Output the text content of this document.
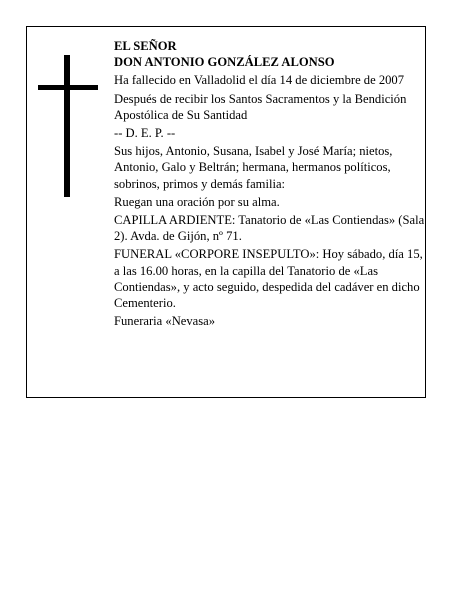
EL SEÑOR

DON ANTONIO GONZÁLEZ ALONSO

Ha fallecido en Valladolid el día 14 de diciembre de 2007

Después de recibir los Santos Sacramentos y la Bendición Apostólica de Su Santidad

-- D. E. P. --

Sus hijos, Antonio, Susana, Isabel y José María; nietos, Antonio, Galo y Beltrán; hermana, hermanos políticos, sobrinos, primos y demás familia:

Ruegan una oración por su alma.

CAPILLA ARDIENTE: Tanatorio de «Las Contiendas» (Sala 2). Avda. de Gijón, nº 71.

FUNERAL «CORPORE INSEPULTO»: Hoy sábado, día 15, a las 16.00 horas, en la capilla del Tanatorio de «Las Contiendas», y acto seguido, despedida del cadáver en dicho Cementerio.

Funeraria «Nevasa»
